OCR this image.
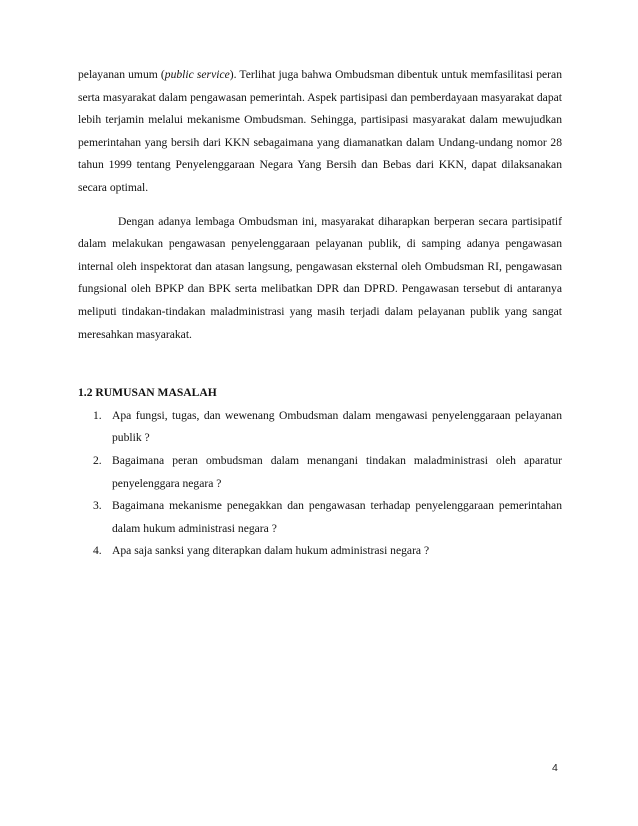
pelayanan umum (public service). Terlihat juga bahwa Ombudsman dibentuk untuk memfasilitasi peran serta masyarakat dalam pengawasan pemerintah. Aspek partisipasi dan pemberdayaan masyarakat dapat lebih terjamin melalui mekanisme Ombudsman. Sehingga, partisipasi masyarakat dalam mewujudkan pemerintahan yang bersih dari KKN sebagaimana yang diamanatkan dalam Undang-undang nomor 28 tahun 1999 tentang Penyelenggaraan Negara Yang Bersih dan Bebas dari KKN, dapat dilaksanakan secara optimal.

Dengan adanya lembaga Ombudsman ini, masyarakat diharapkan berperan secara partisipatif dalam melakukan pengawasan penyelenggaraan pelayanan publik, di samping adanya pengawasan internal oleh inspektorat dan atasan langsung, pengawasan eksternal oleh Ombudsman RI, pengawasan fungsional oleh BPKP dan BPK serta melibatkan DPR dan DPRD. Pengawasan tersebut di antaranya meliputi tindakan-tindakan maladministrasi yang masih terjadi dalam pelayanan publik yang sangat meresahkan masyarakat.

1.2 RUMUSAN MASALAH
1. Apa fungsi, tugas, dan wewenang Ombudsman dalam mengawasi penyelenggaraan pelayanan publik ?
2. Bagaimana peran ombudsman dalam menangani tindakan maladministrasi oleh aparatur penyelenggara negara ?
3. Bagaimana mekanisme penegakkan dan pengawasan terhadap penyelenggaraan pemerintahan dalam hukum administrasi negara ?
4. Apa saja sanksi yang diterapkan dalam hukum administrasi negara ?
4
